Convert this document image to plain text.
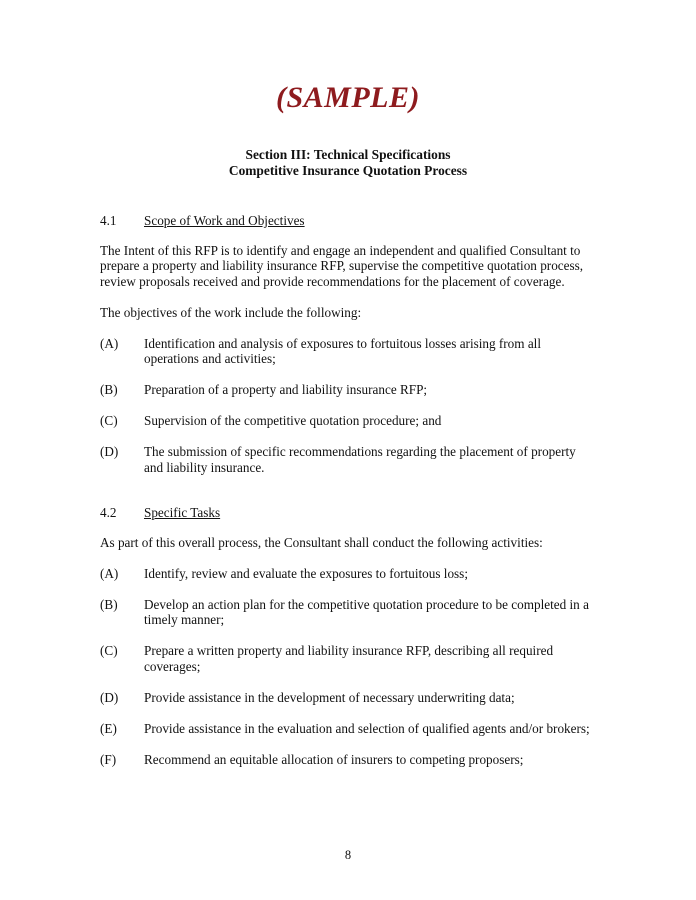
(SAMPLE)
Section III: Technical Specifications
Competitive Insurance Quotation Process
4.1	Scope of Work and Objectives

The Intent of this RFP is to identify and engage an independent and qualified Consultant to prepare a property and liability insurance RFP, supervise the competitive quotation process, review proposals received and provide recommendations for the placement of coverage.

The objectives of the work include the following:

(A)	Identification and analysis of exposures to fortuitous losses arising from all operations and activities;
(B)	Preparation of a property and liability insurance RFP;
(C)	Supervision of the competitive quotation procedure; and
(D)	The submission of specific recommendations regarding the placement of property and liability insurance.
4.2	Specific Tasks

As part of this overall process, the Consultant shall conduct the following activities:

(A)	Identify, review and evaluate the exposures to fortuitous loss;
(B)	Develop an action plan for the competitive quotation procedure to be completed in a timely manner;
(C)	Prepare a written property and liability insurance RFP, describing all required coverages;
(D)	Provide assistance in the development of necessary underwriting data;
(E)	Provide assistance in the evaluation and selection of qualified agents and/or brokers;
(F)	Recommend an equitable allocation of insurers to competing proposers;
8
